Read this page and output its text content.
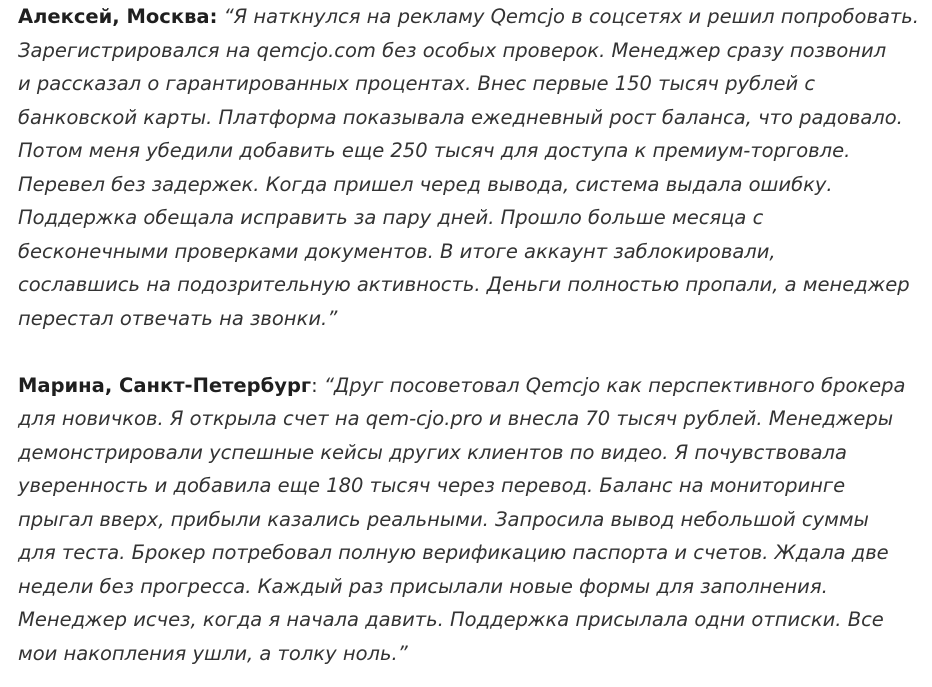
Алексей, Москва: “Я наткнулся на рекламу Qemcjo в соцсетях и решил попробовать.
Зарегистрировался на qemcjo.com без особых проверок. Менеджер сразу позвонил
и рассказал о гарантированных процентах. Внес первые 150 тысяч рублей с
банковской карты. Платформа показывала ежедневный рост баланса, что радовало.
Потом меня убедили добавить еще 250 тысяч для доступа к премиум-торговле.
Перевел без задержек. Когда пришел черед вывода, система выдала ошибку.
Поддержка обещала исправить за пару дней. Прошло больше месяца с
бесконечными проверками документов. В итоге аккаунт заблокировали,
сославшись на подозрительную активность. Деньги полностью пропали, а менеджер
перестал отвечать на звонки.”

Марина, Санкт-Петербург: “Друг посоветовал Qemcjo как перспективного брокера
для новичков. Я открыла счет на qem-cjo.pro и внесла 70 тысяч рублей. Менеджеры
демонстрировали успешные кейсы других клиентов по видео. Я почувствовала
уверенность и добавила еще 180 тысяч через перевод. Баланс на мониторинге
прыгал вверх, прибыли казались реальными. Запросила вывод небольшой суммы
для теста. Брокер потребовал полную верификацию паспорта и счетов. Ждала две
недели без прогресса. Каждый раз присылали новые формы для заполнения.
Менеджер исчез, когда я начала давить. Поддержка присылала одни отписки. Все
мои накопления ушли, а толку ноль.”
